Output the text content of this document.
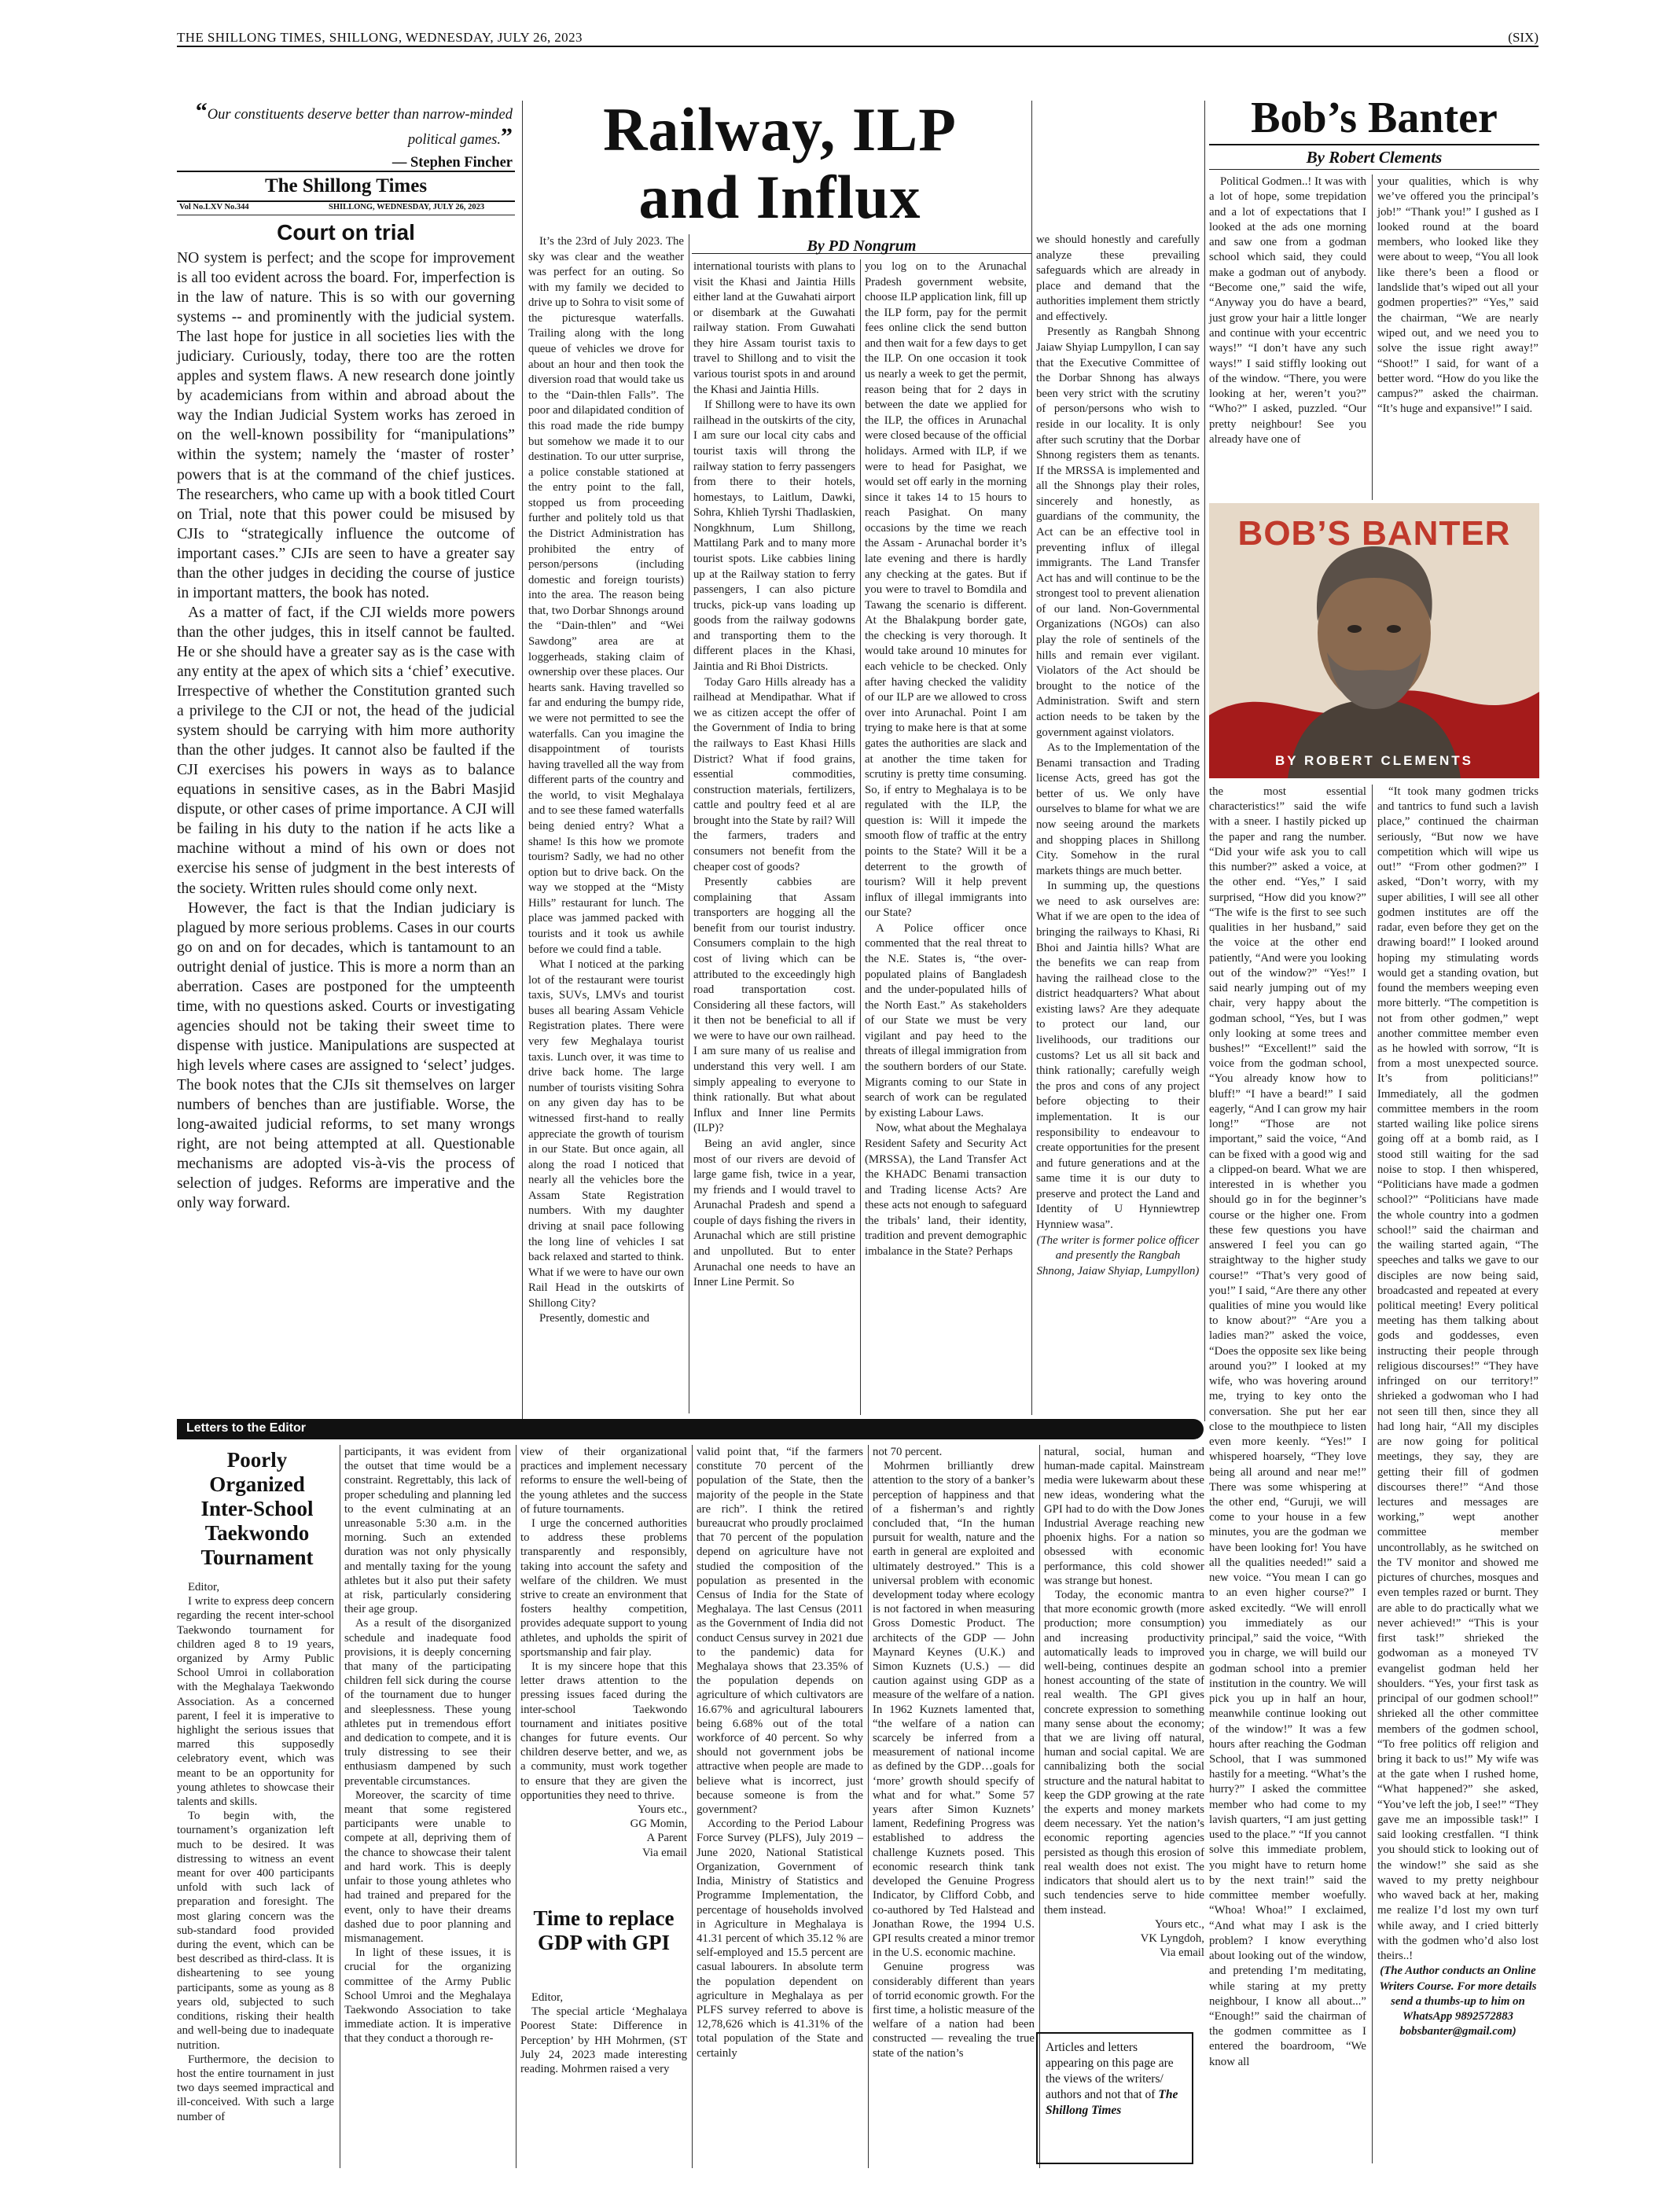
THE SHILLONG TIMES, SHILLONG, WEDNESDAY, JULY 26, 2023	(SIX)
“Our constituents deserve better than narrow-minded political games.”
— Stephen Fincher
The Shillong Times
Vol No.LXV No.344	SHILLONG, WEDNESDAY, JULY 26, 2023
Court on trial

NO system is perfect; and the scope for improvement is all too evident across the board. For, imperfection is in the law of nature. This is so with our governing systems -- and prominently with the judicial system. The last hope for justice in all societies lies with the judiciary. Curiously, today, there too are the rotten apples and system flaws. A new research done jointly by academicians from within and abroad about the way the Indian Judicial System works has zeroed in on the well-known possibility for “manipulations” within the system; namely the ‘master of roster’ powers that is at the command of the chief justices. The researchers, who came up with a book titled Court on Trial, note that this power could be misused by CJIs to “strategically influence the outcome of important cases.” CJIs are seen to have a greater say than the other judges in deciding the course of justice in important matters, the book has noted.

As a matter of fact, if the CJI wields more powers than the other judges, this in itself cannot be faulted. He or she should have a greater say as is the case with any entity at the apex of which sits a ‘chief’ executive. Irrespective of whether the Constitution granted such a privilege to the CJI or not, the head of the judicial system should be carrying with him more authority than the other judges. It cannot also be faulted if the CJI exercises his powers in ways as to balance equations in sensitive cases, as in the Babri Masjid dispute, or other cases of prime importance. A CJI will be failing in his duty to the nation if he acts like a machine without a mind of his own or does not exercise his sense of judgment in the best interests of the society. Written rules should come only next.

However, the fact is that the Indian judiciary is plagued by more serious problems. Cases in our courts go on and on for decades, which is tantamount to an outright denial of justice. This is more a norm than an aberration. Cases are postponed for the umpteenth time, with no questions asked. Courts or investigating agencies should not be taking their sweet time to dispense with justice. Manipulations are suspected at high levels where cases are assigned to ‘select’ judges. The book notes that the CJIs sit themselves on larger numbers of benches than are justifiable. Worse, the long-awaited judicial reforms, to set many wrongs right, are not being attempted at all. Questionable mechanisms are adopted vis-à-vis the process of selection of judges. Reforms are imperative and the only way forward.

Railway, ILP
and Influx
By PD Nongrum

It’s the 23rd of July 2023. The sky was clear and the weather was perfect for an outing. So with my family we decided to drive up to Sohra to visit some of the picturesque waterfalls. Trailing along with the long queue of vehicles we drove for about an hour and then took the diversion road that would take us to the “Dain-thlen Falls”. The poor and dilapidated condition of this road made the ride bumpy but somehow we made it to our destination. To our utter surprise, a police constable stationed at the entry point to the fall, stopped us from proceeding further and politely told us that the District Administration has prohibited the entry of person/persons (including domestic and foreign tourists) into the area. The reason being that, two Dorbar Shnongs around the “Dain-thlen” and “Wei Sawdong” area are at loggerheads, staking claim of ownership over these places. Our hearts sank. Having travelled so far and enduring the bumpy ride, we were not permitted to see the waterfalls. Can you imagine the disappointment of tourists having travelled all the way from different parts of the country and the world, to visit Meghalaya and to see these famed waterfalls being denied entry? What a shame! Is this how we promote tourism? Sadly, we had no other option but to drive back. On the way we stopped at the “Misty Hills” restaurant for lunch. The place was jammed packed with tourists and it took us awhile before we could find a table.

What I noticed at the parking lot of the restaurant were tourist taxis, SUVs, LMVs and tourist buses all bearing Assam Vehicle Registration plates. There were very few Meghalaya tourist taxis. Lunch over, it was time to drive back home. The large number of tourists visiting Sohra on any given day has to be witnessed first-hand to really appreciate the growth of tourism in our State. But once again, all along the road I noticed that nearly all the vehicles bore the Assam State Registration numbers. With my daughter driving at snail pace following the long line of vehicles I sat back relaxed and started to think. What if we were to have our own Rail Head in the outskirts of Shillong City?

Presently, domestic and

international tourists with plans to visit the Khasi and Jaintia Hills either land at the Guwahati airport or disembark at the Guwahati railway station. From Guwahati they hire Assam tourist taxis to travel to Shillong and to visit the various tourist spots in and around the Khasi and Jaintia Hills.

If Shillong were to have its own railhead in the outskirts of the city, I am sure our local city cabs and tourist taxis will throng the railway station to ferry passengers from there to their hotels, homestays, to Laitlum, Dawki, Sohra, Khlieh Tyrshi Thadlaskien, Nongkhnum, Lum Shillong, Mattilang Park and to many more tourist spots. Like cabbies lining up at the Railway station to ferry passengers, I can also picture trucks, pick-up vans loading up goods from the railway godowns and transporting them to the different places in the Khasi, Jaintia and Ri Bhoi Districts.

Today Garo Hills already has a railhead at Mendipathar. What if we as citizen accept the offer of the Government of India to bring the railways to East Khasi Hills District? What if food grains, essential commodities, construction materials, fertilizers, cattle and poultry feed et al are brought into the State by rail? Will the farmers, traders and consumers not benefit from the cheaper cost of goods?

Presently cabbies are complaining that Assam transporters are hogging all the benefit from our tourist industry. Consumers complain to the high cost of living which can be attributed to the exceedingly high road transportation cost. Considering all these factors, will it then not be beneficial to all if we were to have our own railhead. I am sure many of us realise and understand this very well. I am simply appealing to everyone to think rationally. But what about Influx and Inner line Permits (ILP)?

Being an avid angler, since most of our rivers are devoid of large game fish, twice in a year, my friends and I would travel to Arunachal Pradesh and spend a couple of days fishing the rivers in Arunachal which are still pristine and unpolluted. But to enter Arunachal one needs to have an Inner Line Permit. So

you log on to the Arunachal Pradesh government website, choose ILP application link, fill up the ILP form, pay for the permit fees online click the send button and then wait for a few days to get the ILP. On one occasion it took us nearly a week to get the permit, reason being that for 2 days in between the date we applied for the ILP, the offices in Arunachal were closed because of the official holidays. Armed with ILP, if we were to head for Pasighat, we would set off early in the morning since it takes 14 to 15 hours to reach Pasighat. On many occasions by the time we reach the Assam - Arunachal border it’s late evening and there is hardly any checking at the gates. But if you were to travel to Bomdila and Tawang the scenario is different. At the Bhalakpung border gate, the checking is very thorough. It would take around 10 minutes for each vehicle to be checked. Only after having checked the validity of our ILP are we allowed to cross over into Arunachal. Point I am trying to make here is that at some gates the authorities are slack and at another the time taken for scrutiny is pretty time consuming. So, if entry to Meghalaya is to be regulated with the ILP, the question is: Will it impede the smooth flow of traffic at the entry points to the State? Will it be a deterrent to the growth of tourism? Will it help prevent influx of illegal immigrants into our State?

A Police officer once commented that the real threat to the N.E. States is, “the over-populated plains of Bangladesh and the under-populated hills of the North East.” As stakeholders of our State we must be very vigilant and pay heed to the threats of illegal immigration from the southern borders of our State. Migrants coming to our State in search of work can be regulated by existing Labour Laws.

Now, what about the Meghalaya Resident Safety and Security Act (MRSSA), the Land Transfer Act the KHADC Benami transaction and Trading license Acts? Are these acts not enough to safeguard the tribals’ land, their identity, tradition and prevent demographic imbalance in the State? Perhaps

we should honestly and carefully analyze these prevailing safeguards which are already in place and demand that the authorities implement them strictly and effectively.

Presently as Rangbah Shnong Jaiaw Shyiap Lumpyllon, I can say that the Executive Committee of the Dorbar Shnong has always been very strict with the scrutiny of person/persons who wish to reside in our locality. It is only after such scrutiny that the Dorbar Shnong registers them as tenants. If the MRSSA is implemented and all the Shnongs play their roles, sincerely and honestly, as guardians of the community, the Act can be an effective tool in preventing influx of illegal immigrants. The Land Transfer Act has and will continue to be the strongest tool to prevent alienation of our land. Non-Governmental Organizations (NGOs) can also play the role of sentinels of the hills and remain ever vigilant. Violators of the Act should be brought to the notice of the Administration. Swift and stern action needs to be taken by the government against violators.

As to the Implementation of the Benami transaction and Trading license Acts, greed has got the better of us. We only have ourselves to blame for what we are now seeing around the markets and shopping places in Shillong City. Somehow in the rural markets things are much better.

In summing up, the questions we need to ask ourselves are: What if we are open to the idea of bringing the railways to Khasi, Ri Bhoi and Jaintia hills? What are the benefits we can reap from having the railhead close to the district headquarters? What about existing laws? Are they adequate to protect our land, our livelihoods, our traditions our customs? Let us all sit back and think rationally; carefully weigh the pros and cons of any project before objecting to their implementation. It is our responsibility to endeavour to create opportunities for the present and future generations and at the same time it is our duty to preserve and protect the Land and Identity of U Hynniewtrep Hynniew wasa”.

(The writer is former police officer and presently the Rangbah Shnong, Jaiaw Shyiap, Lumpyllon)

Bob’s Banter
By Robert Clements

Political Godmen..! It was with a lot of hope, some trepidation and a lot of expectations that I looked at the ads one morning and saw one from a godman school which said, they could make a godman out of anybody. “Become one,” said the wife, “Anyway you do have a beard, just grow your hair a little longer and continue with your eccentric ways!” “I don’t have any such ways!” I said stiffly looking out of the window. “There, you were looking at her, weren’t you?” “Who?” I asked, puzzled. “Our pretty neighbour! See you already have one of

your qualities, which is why we’ve offered you the principal’s job!” “Thank you!” I gushed as I looked round at the board members, who looked like they were about to weep, “You all look like there’s been a flood or landslide that’s wiped out all your godmen properties?” “Yes,” said the chairman, “We are nearly wiped out, and we need you to solve the issue right away!” “Shoot!” I said, for want of a better word. “How do you like the campus?” asked the chairman. “It’s huge and expansive!” I said.

BOB’S BANTER
BY ROBERT CLEMENTS

the most essential characteristics!” said the wife with a sneer. I hastily picked up the paper and rang the number. “Did your wife ask you to call this number?” asked a voice, at the other end. “Yes,” I said surprised, “How did you know?” “The wife is the first to see such qualities in her husband,” said the voice at the other end patiently, “And were you looking out of the window?” “Yes!” I said nearly jumping out of my chair, very happy about the godman school, “Yes, but I was only looking at some trees and bushes!” “Excellent!” said the voice from the godman school, “You already know how to bluff!” “I have a beard!” I said eagerly, “And I can grow my hair long!” “Those are not important,” said the voice, “And can be fixed with a good wig and a clipped-on beard. What we are interested in is whether you should go in for the beginner’s course or the higher one. From these few questions you have answered I feel you can go straightway to the higher study course!” “That’s very good of you!” I said, “Are there any other qualities of mine you would like to know about?” “Are you a ladies man?” asked the voice, “Does the opposite sex like being around you?” I looked at my wife, who was hovering around me, trying to key onto the conversation. She put her ear close to the mouthpiece to listen even more keenly. “Yes!” I whispered hoarsely, “They love being all around and near me!” There was some whispering at the other end, “Guruji, we will come to your house in a few minutes, you are the godman we have been looking for! You have all the qualities needed!” said a new voice. “You mean I can go to an even higher course?” I asked excitedly. “We will enroll you immediately as our principal,” said the voice, “With you in charge, we will build our godman school into a premier institution in the country. We will pick you up in half an hour, meanwhile continue looking out of the window!” It was a few hours after reaching the Godman School, that I was summoned hastily for a meeting. “What’s the hurry?” I asked the committee member who had come to my lavish quarters, “I am just getting used to the place.” “If you cannot solve this immediate problem, you might have to return home by the next train!” said the committee member woefully. “Whoa! Whoa!” I exclaimed, “And what may I ask is the problem? I know everything about looking out of the window, and pretending I’m meditating, while staring at my pretty neighbour, I know all about...” “Enough!” said the chairman of the godmen committee as I entered the boardroom, “We know all

“It took many godmen tricks and tantrics to fund such a lavish place,” continued the chairman seriously, “But now we have competition which will wipe us out!” “From other godmen?” I asked, “Don’t worry, with my super abilities, I will see all other godmen institutes are off the radar, even before they get on the drawing board!” I looked around hoping my stimulating words would get a standing ovation, but found the members weeping even more bitterly. “The competition is not from other godmen,” wept another committee member even as he howled with sorrow, “It is from a most unexpected source. It’s from politicians!” Immediately, all the godmen committee members in the room started wailing like police sirens going off at a bomb raid, as I stood still waiting for the sad noise to stop. I then whispered, “Politicians have made a godmen school?” “Politicians have made the whole country into a godmen school!” said the chairman and the wailing started again, “The speeches and talks we gave to our disciples are now being said, broadcasted and repeated at every political meeting! Every political meeting has them talking about gods and goddesses, even instructing their people through religious discourses!” “They have infringed on our territory!” shrieked a godwoman who I had not seen till then, since they all had long hair, “All my disciples are now going for political meetings, they say, they are getting their fill of godmen discourses there!” “And those lectures and messages are working,” wept another committee member uncontrollably, as he switched on the TV monitor and showed me pictures of churches, mosques and even temples razed or burnt. They are able to do practically what we never achieved!” “This is your first task!” shrieked the godwoman as a moneyed TV evangelist godman held her shoulders. “Yes, your first task as principal of our godmen school!” shrieked all the other committee members of the godmen school, “To free politics off religion and bring it back to us!” My wife was at the gate when I rushed home, “What happened?” she asked, “You’ve left the job, I see!” “They gave me an impossible task!” I said looking crestfallen. “I think you should stick to looking out of the window!” she said as she waved to my pretty neighbour who waved back at her, making me realize I’d lost my own turf while away, and I cried bitterly with the godmen who’d also lost theirs..!

(The Author conducts an Online Writers Course. For more details send a thumbs-up to him on WhatsApp 9892572883 bobsbanter@gmail.com)

Letters to the Editor
Poorly Organized Inter-School Taekwondo Tournament

Editor,

I write to express deep concern regarding the recent inter-school Taekwondo tournament for children aged 8 to 19 years, organized by Army Public School Umroi in collaboration with the Meghalaya Taekwondo Association. As a concerned parent, I feel it is imperative to highlight the serious issues that marred this supposedly celebratory event, which was meant to be an opportunity for young athletes to showcase their talents and skills.

To begin with, the tournament’s organization left much to be desired. It was distressing to witness an event meant for over 400 participants unfold with such lack of preparation and foresight. The most glaring concern was the sub-standard food provided during the event, which can be best described as third-class. It is disheartening to see young participants, some as young as 8 years old, subjected to such conditions, risking their health and well-being due to inadequate nutrition.

Furthermore, the decision to host the entire tournament in just two days seemed impractical and ill-conceived. With such a large number of

participants, it was evident from the outset that time would be a constraint. Regrettably, this lack of proper scheduling and planning led to the event culminating at an unreasonable 5:30 a.m. in the morning. Such an extended duration was not only physically and mentally taxing for the young athletes but it also put their safety at risk, particularly considering their age group.

As a result of the disorganized schedule and inadequate food provisions, it is deeply concerning that many of the participating children fell sick during the course of the tournament due to hunger and sleeplessness. These young athletes put in tremendous effort and dedication to compete, and it is truly distressing to see their enthusiasm dampened by such preventable circumstances.

Moreover, the scarcity of time meant that some registered participants were unable to compete at all, depriving them of the chance to showcase their talent and hard work. This is deeply unfair to those young athletes who had trained and prepared for the event, only to have their dreams dashed due to poor planning and mismanagement.

In light of these issues, it is crucial for the organizing committee of the Army Public School Umroi and the Meghalaya Taekwondo Association to take immediate action. It is imperative that they conduct a thorough re-

view of their organizational practices and implement necessary reforms to ensure the well-being of the young athletes and the success of future tournaments.

I urge the concerned authorities to address these problems transparently and responsibly, taking into account the safety and welfare of the children. We must strive to create an environment that fosters healthy competition, provides adequate support to young athletes, and upholds the spirit of sportsmanship and fair play.

It is my sincere hope that this letter draws attention to the pressing issues faced during the inter-school Taekwondo tournament and initiates positive changes for future events. Our children deserve better, and we, as a community, must work together to ensure that they are given the opportunities they need to thrive.

Yours etc.,

GG Momin,

A Parent

Via email

Time to replace GDP with GPI

Editor,

The special article ‘Meghalaya Poorest State: Difference in Perception’ by HH Mohrmen, (ST July 24, 2023 made interesting reading. Mohrmen raised a very

valid point that, “if the farmers constitute 70 percent of the population of the State, then the majority of the people in the State are rich”. I think the retired bureaucrat who proudly proclaimed that 70 percent of the population depend on agriculture have not studied the composition of the population as presented in the Census of India for the State of Meghalaya. The last Census (2011 as the Government of India did not conduct Census survey in 2021 due to the pandemic) data for Meghalaya shows that 23.35% of the population depends on agriculture of which cultivators are 16.67% and agricultural labourers being 6.68% out of the total workforce of 40 percent. So why should not government jobs be attractive when people are made to believe what is incorrect, just because someone is from the government?

According to the Period Labour Force Survey (PLFS), July 2019 – June 2020, National Statistical Organization, Government of India, Ministry of Statistics and Programme Implementation, the percentage of households involved in Agriculture in Meghalaya is 41.31 percent of which 35.12 % are self-employed and 15.5 percent are casual labourers. In absolute term the population dependent on agriculture in Meghalaya as per PLFS survey referred to above is 12,78,626 which is 41.31% of the total population of the State and certainly

not 70 percent.

Mohrmen brilliantly drew attention to the story of a banker’s perception of happiness and that of a fisherman’s and rightly concluded that, “In the human pursuit for wealth, nature and the earth in general are exploited and ultimately destroyed.” This is a universal problem with economic development today where ecology is not factored in when measuring Gross Domestic Product. The architects of the GDP — John Maynard Keynes (U.K.) and Simon Kuznets (U.S.) — did caution against using GDP as a measure of the welfare of a nation. In 1962 Kuznets lamented that, “the welfare of a nation can scarcely be inferred from a measurement of national income as defined by the GDP…goals for ‘more’ growth should specify of what and for what.” Some 57 years after Simon Kuznets’ lament, Redefining Progress was established to address the challenge Kuznets posed. This economic research think tank developed the Genuine Progress Indicator, by Clifford Cobb, and co-authored by Ted Halstead and Jonathan Rowe, the 1994 U.S. GPI results created a minor tremor in the U.S. economic machine.

Genuine progress was considerably different than years of torrid economic growth. For the first time, a holistic measure of the welfare of a nation had been constructed — revealing the true state of the nation’s

natural, social, human and human-made capital. Mainstream media were lukewarm about these new ideas, wondering what the GPI had to do with the Dow Jones Industrial Average reaching new phoenix highs. For a nation so obsessed with economic performance, this cold shower was strange but honest.

Today, the economic mantra that more economic growth (more production; more consumption) and increasing productivity automatically leads to improved well-being, continues despite an honest accounting of the state of real wealth. The GPI gives concrete expression to something many sense about the economy; that we are living off natural, human and social capital. We are cannibalizing both the social structure and the natural habitat to keep the GDP growing at the rate the experts and money markets deem necessary. Yet the nation’s economic reporting agencies persisted as though this erosion of real wealth does not exist. The indicators that should alert us to such tendencies serve to hide them instead.

Yours etc.,

VK Lyngdoh,

Via email

Articles and letters appearing on this page are the views of the writers/ authors and not that of The Shillong Times
